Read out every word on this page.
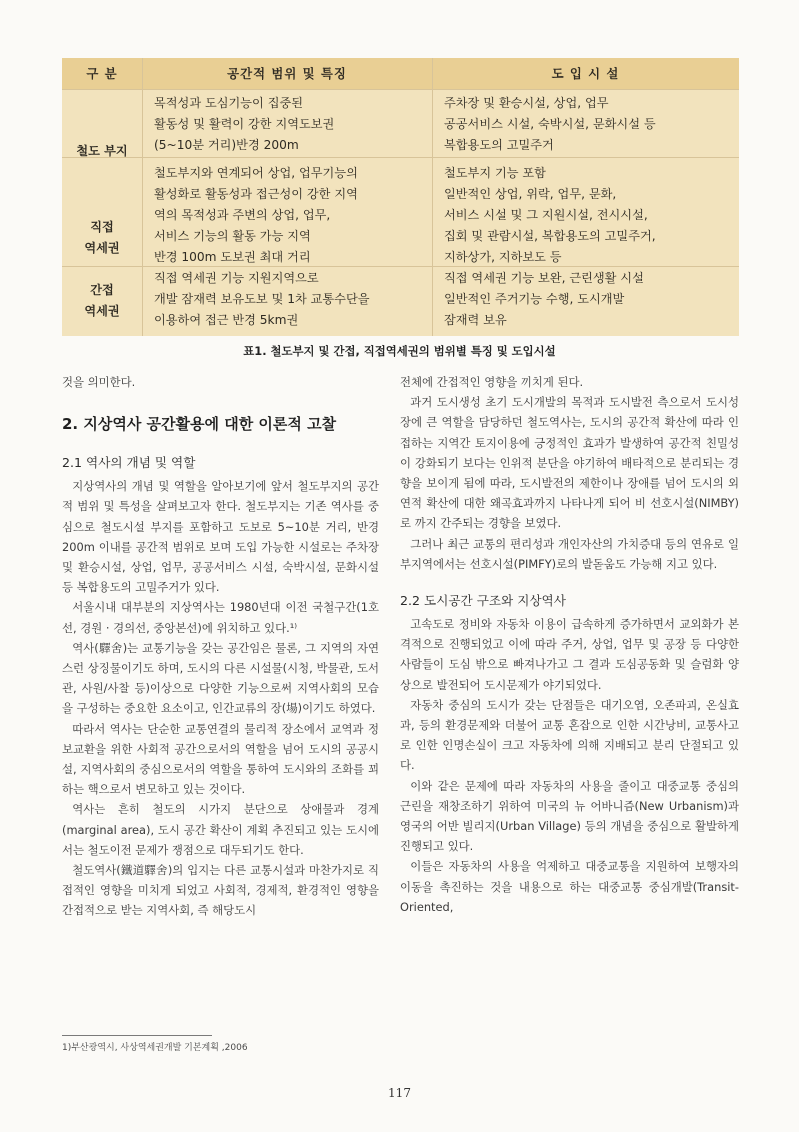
구 분	공간적 범위 및 특징	도 입 시 설
철도 부지
목적성과 도심기능이 집중된
활동성 및 활력이 강한 지역도보권
(5~10분 거리)반경 200m
주차장 및 환승시설, 상업, 업무
공공서비스 시설, 숙박시설, 문화시설 등
복합용도의 고밀주거
직접
역세권
철도부지와 연계되어 상업, 업무기능의
활성화로 활동성과 접근성이 강한 지역
역의 목적성과 주변의 상업, 업무,
서비스 기능의 활동 가능 지역
반경 100m 도보권 최대 거리
철도부지 기능 포함
일반적인 상업, 위락, 업무, 문화,
서비스 시설 및 그 지원시설, 전시시설,
집회 및 관람시설, 복합용도의 고밀주거,
지하상가, 지하보도 등
간접
역세권
직접 역세권 기능 지원지역으로
개발 잠재력 보유도보 및 1차 교통수단을
이용하여 접근 반경 5km권
직접 역세권 기능 보완, 근린생활 시설
일반적인 주거기능 수행, 도시개발
잠재력 보유
표1. 철도부지 및 간접, 직접역세권의 범위별 특징 및 도입시설

것을 의미한다.

2. 지상역사 공간활용에 대한 이론적 고찰
2.1 역사의 개념 및 역할

지상역사의 개념 및 역할을 알아보기에 앞서 철도부지의 공간적 범위 및 특성을 살펴보고자 한다. 철도부지는 기존 역사를 중심으로 철도시설 부지를 포함하고 도보로 5~10분 거리, 반경 200m 이내를 공간적 범위로 보며 도입 가능한 시설로는 주차장 및 환승시설, 상업, 업무, 공공서비스 시설, 숙박시설, 문화시설 등 복합용도의 고밀주거가 있다.

서울시내 대부분의 지상역사는 1980년대 이전 국철구간(1호선, 경원 · 경의선, 중앙본선)에 위치하고 있다.¹⁾

역사(驛舍)는 교통기능을 갖는 공간임은 물론, 그 지역의 자연스런 상징물이기도 하며, 도시의 다른 시설물(시청, 박물관, 도서관, 사원/사찰 등)이상으로 다양한 기능으로써 지역사회의 모습을 구성하는 중요한 요소이고, 인간교류의 장(場)이기도 하였다.

따라서 역사는 단순한 교통연결의 물리적 장소에서 교역과 정보교환을 위한 사회적 공간으로서의 역할을 넘어 도시의 공공시설, 지역사회의 중심으로서의 역할을 통하여 도시와의 조화를 꾀하는 핵으로서 변모하고 있는 것이다.

역사는 흔히 철도의 시가지 분단으로 상애물과 경계(marginal area), 도시 공간 확산이 계획 추진되고 있는 도시에서는 철도이전 문제가 쟁점으로 대두되기도 한다.

철도역사(鐵道驛舍)의 입지는 다른 교통시설과 마찬가지로 직접적인 영향을 미치게 되었고 사회적, 경제적, 환경적인 영향을 간접적으로 받는 지역사회, 즉 해당도시

전체에 간접적인 영향을 끼치게 된다.

과거 도시생성 초기 도시개발의 목적과 도시발전 측으로서 도시성장에 큰 역할을 담당하던 철도역사는, 도시의 공간적 확산에 따라 인접하는 지역간 토지이용에 긍정적인 효과가 발생하여 공간적 친밀성이 강화되기 보다는 인위적 분단을 야기하여 배타적으로 분리되는 경향을 보이게 됨에 따라, 도시발전의 제한이나 장애를 넘어 도시의 외연적 확산에 대한 왜곡효과까지 나타나게 되어 비 선호시설(NIMBY)로 까지 간주되는 경향을 보였다.

그러나 최근 교통의 편리성과 개인자산의 가치증대 등의 연유로 일부지역에서는 선호시설(PIMFY)로의 발돋움도 가능해 지고 있다.

2.2 도시공간 구조와 지상역사

고속도로 정비와 자동차 이용이 급속하게 증가하면서 교외화가 본격적으로 진행되었고 이에 따라 주거, 상업, 업무 및 공장 등 다양한 사람들이 도심 밖으로 빠져나가고 그 결과 도심공동화 및 슬럼화 양상으로 발전되어 도시문제가 야기되었다.

자동차 중심의 도시가 갖는 단점들은 대기오염, 오존파괴, 온실효과, 등의 환경문제와 더불어 교통 혼잡으로 인한 시간낭비, 교통사고로 인한 인명손실이 크고 자동차에 의해 지배되고 분리 단절되고 있다.

이와 같은 문제에 따라 자동차의 사용을 줄이고 대중교통 중심의 근린을 재창조하기 위하여 미국의 뉴 어바니즘(New Urbanism)과 영국의 어반 빌리지(Urban Village) 등의 개념을 중심으로 활발하게 진행되고 있다.

이들은 자동차의 사용을 억제하고 대중교통을 지원하여 보행자의 이동을 촉진하는 것을 내용으로 하는 대중교통 중심개발(Transit-Oriented,

1)부산광역시, 사상역세권개발 기본계획 ,2006
117
